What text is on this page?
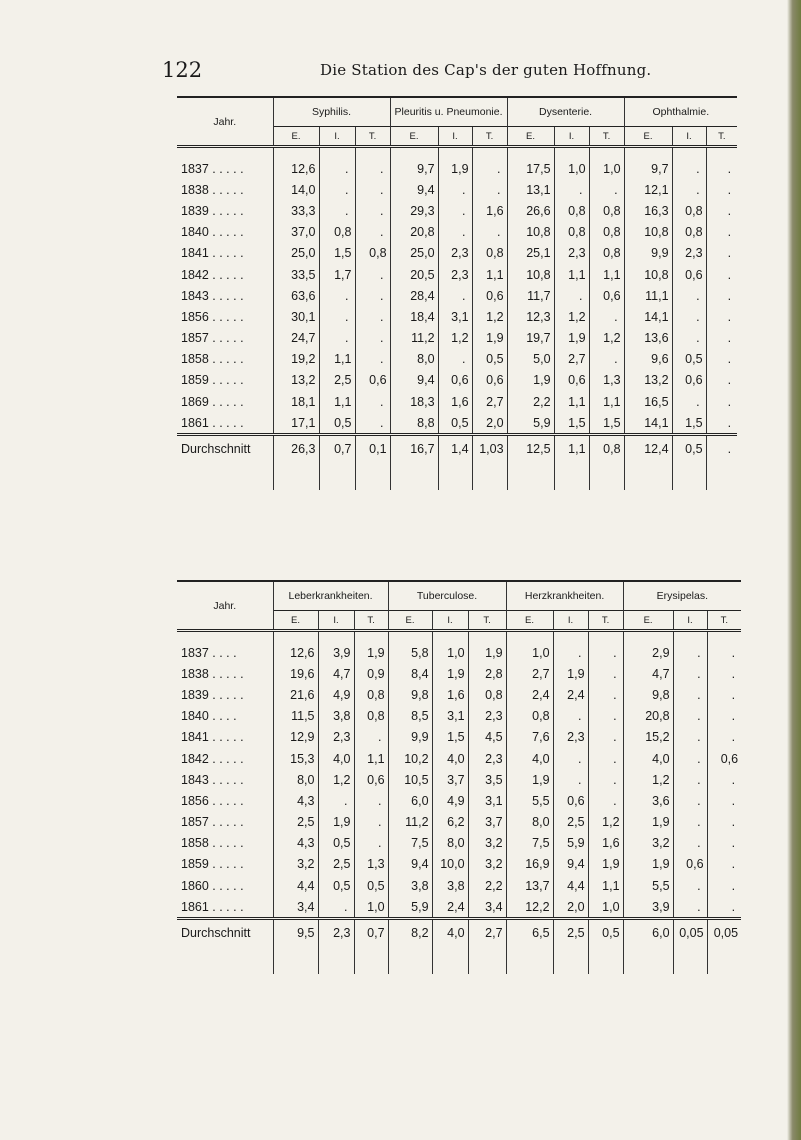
122	Die Station des Cap's der guten Hoffnung.
Jahr.	Syphilis.			Pleuritis u. Pneumonie.			Dysenterie.			Ophthalmie.		
	E.	I.	T.	E.	I.	T.	E.	I.	T.	E.	I.	T.
1837 . . . . .	12,6	.	.	9,7	1,9	.	17,5	1,0	1,0	9,7	.	.
1838 . . . . .	14,0	.	.	9,4	.	.	13,1	.	.	12,1	.	.
1839 . . . . .	33,3	.	.	29,3	.	1,6	26,6	0,8	0,8	16,3	0,8	.
1840 . . . . .	37,0	0,8	.	20,8	.	.	10,8	0,8	0,8	10,8	0,8	.
1841 . . . . .	25,0	1,5	0,8	25,0	2,3	0,8	25,1	2,3	0,8	9,9	2,3	.
1842 . . . . .	33,5	1,7	.	20,5	2,3	1,1	10,8	1,1	1,1	10,8	0,6	.
1843 . . . . .	63,6	.	.	28,4	.	0,6	11,7	.	0,6	11,1	.	.
1856 . . . . .	30,1	.	.	18,4	3,1	1,2	12,3	1,2	.	14,1	.	.
1857 . . . . .	24,7	.	.	11,2	1,2	1,9	19,7	1,9	1,2	13,6	.	.
1858 . . . . .	19,2	1,1	.	8,0	.	0,5	5,0	2,7	.	9,6	0,5	.
1859 . . . . .	13,2	2,5	0,6	9,4	0,6	0,6	1,9	0,6	1,3	13,2	0,6	.
1869 . . . . .	18,1	1,1	.	18,3	1,6	2,7	2,2	1,1	1,1	16,5	.	.
1861 . . . . .	17,1	0,5	.	8,8	0,5	2,0	5,9	1,5	1,5	14,1	1,5	.
Durchschnitt	26,3	0,7	0,1	16,7	1,4	1,03	12,5	1,1	0,8	12,4	0,5	.

Jahr.	Leberkrankheiten.			Tuberculose.			Herzkrankheiten.			Erysipelas.		
	E.	I.	T.	E.	I.	T.	E.	I.	T.	E.	I.	T.
1837 . . . .	12,6	3,9	1,9	5,8	1,0	1,9	1,0	.	.	2,9	.	.
1838 . . . . .	19,6	4,7	0,9	8,4	1,9	2,8	2,7	1,9	.	4,7	.	.
1839 . . . . .	21,6	4,9	0,8	9,8	1,6	0,8	2,4	2,4	.	9,8	.	.
1840 . . . .	11,5	3,8	0,8	8,5	3,1	2,3	0,8	.	.	20,8	.	.
1841 . . . . .	12,9	2,3	.	9,9	1,5	4,5	7,6	2,3	.	15,2	.	.
1842 . . . . .	15,3	4,0	1,1	10,2	4,0	2,3	4,0	.	.	4,0	.	0,6
1843 . . . . .	8,0	1,2	0,6	10,5	3,7	3,5	1,9	.	.	1,2	.	.
1856 . . . . .	4,3	.	.	6,0	4,9	3,1	5,5	0,6	.	3,6	.	.
1857 . . . . .	2,5	1,9	.	11,2	6,2	3,7	8,0	2,5	1,2	1,9	.	.
1858 . . . . .	4,3	0,5	.	7,5	8,0	3,2	7,5	5,9	1,6	3,2	.	.
1859 . . . . .	3,2	2,5	1,3	9,4	10,0	3,2	16,9	9,4	1,9	1,9	0,6	.
1860 . . . . .	4,4	0,5	0,5	3,8	3,8	2,2	13,7	4,4	1,1	5,5	.	.
1861 . . . . .	3,4	.	1,0	5,9	2,4	3,4	12,2	2,0	1,0	3,9	.	.
Durchschnitt	9,5	2,3	0,7	8,2	4,0	2,7	6,5	2,5	0,5	6,0	0,05	0,05
